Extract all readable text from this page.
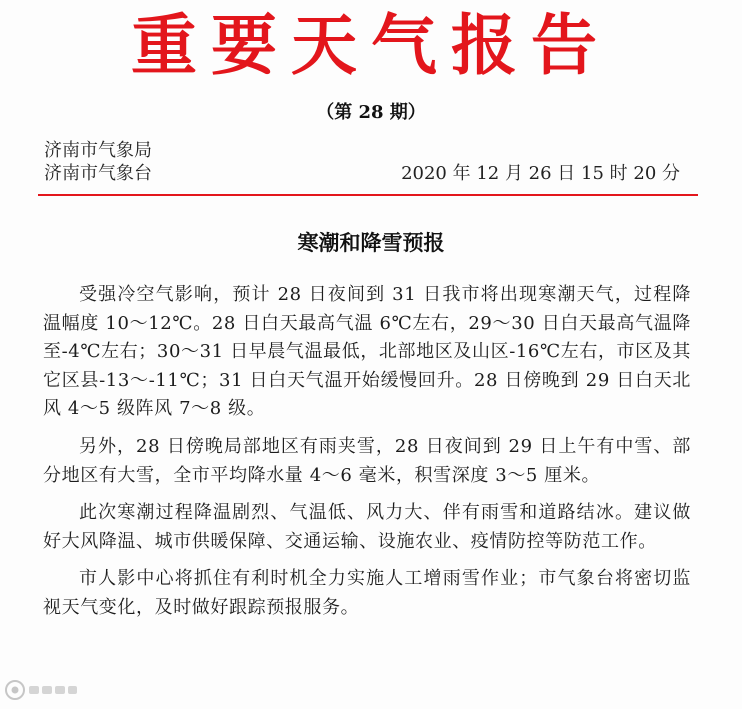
重要天气报告
（第 28 期）
济南市气象局
济南市气象台	2020 年 12 月 26 日 15 时 20 分
寒潮和降雪预报

受强冷空气影响，预计 28 日夜间到 31 日我市将出现寒潮天气，过程降温幅度 10～12℃。28 日白天最高气温 6℃左右，29～30 日白天最高气温降至-4℃左右；30～31 日早晨气温最低，北部地区及山区-16℃左右，市区及其它区县-13～-11℃；31 日白天气温开始缓慢回升。28 日傍晚到 29 日白天北风 4～5 级阵风 7～8 级。

另外，28 日傍晚局部地区有雨夹雪，28 日夜间到 29 日上午有中雪、部分地区有大雪，全市平均降水量 4～6 毫米，积雪深度 3～5 厘米。

此次寒潮过程降温剧烈、气温低、风力大、伴有雨雪和道路结冰。建议做好大风降温、城市供暖保障、交通运输、设施农业、疫情防控等防范工作。

市人影中心将抓住有利时机全力实施人工增雨雪作业；市气象台将密切监视天气变化，及时做好跟踪预报服务。
